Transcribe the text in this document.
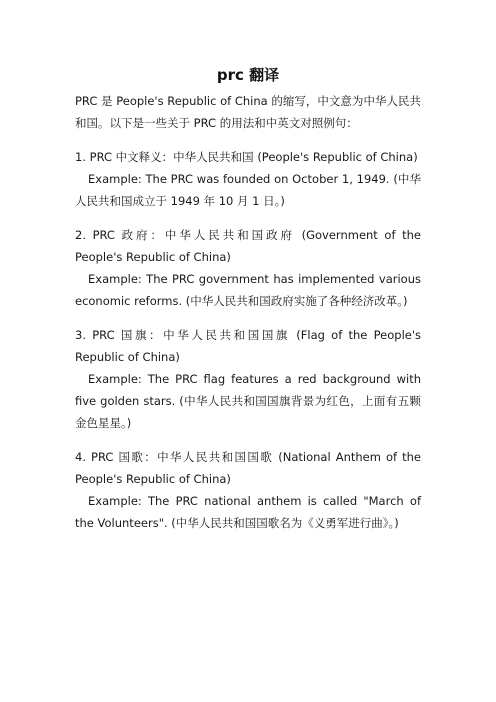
prc 翻译

PRC 是 People's Republic of China 的缩写，中文意为中华人民共和国。以下是一些关于 PRC 的用法和中英文对照例句：

1. PRC 中文释义：中华人民共和国 (People's Republic of China)

Example: The PRC was founded on October 1, 1949. (中华人民共和国成立于 1949 年 10 月 1 日。)

2. PRC 政府：中华人民共和国政府 (Government of the People's Republic of China)

Example: The PRC government has implemented various economic reforms. (中华人民共和国政府实施了各种经济改革。)

3. PRC 国旗：中华人民共和国国旗 (Flag of the People's Republic of China)

Example: The PRC flag features a red background with five golden stars. (中华人民共和国国旗背景为红色，上面有五颗金色星星。)

4. PRC 国歌：中华人民共和国国歌 (National Anthem of the People's Republic of China)

Example: The PRC national anthem is called "March of the Volunteers". (中华人民共和国国歌名为《义勇军进行曲》。)
